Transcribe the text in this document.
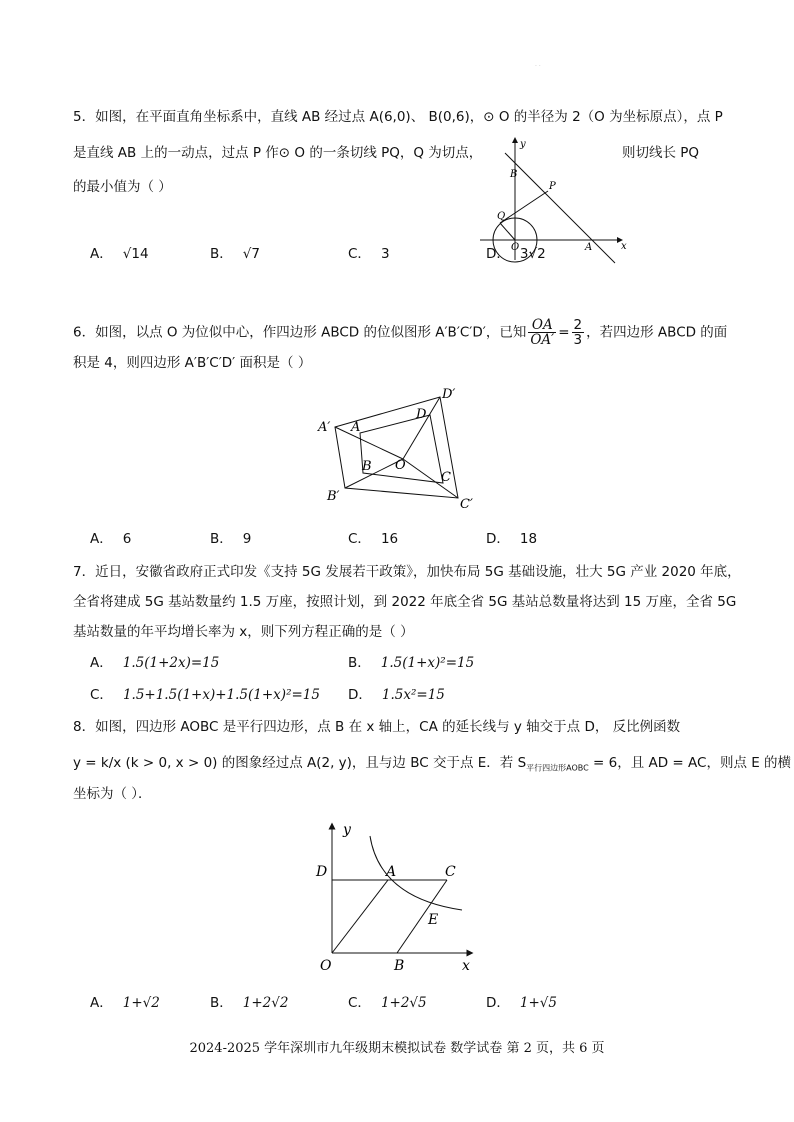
· ·
5．如图，在平面直角坐标系中，直线 AB 经过点 A(6,0)、 B(0,6)，⊙ O 的半径为 2（O 为坐标原点），点 P
是直线 AB 上的一动点，过点 P 作⊙ O 的一条切线 PQ，Q 为切点，	则切线长 PQ
的最小值为（ ）
A． √14	B． √7	C． 3	D． 3√2
y
x
B
P
Q
O	A
6．如图，以点 O 为位似中心，作四边形 ABCD 的位似图形 A′B′C′D′，已知 $\frac{OA}{OA'} = \frac{2}{3}$ ，若四边形 ABCD 的面
积是 4，则四边形 A′B′C′D′ 面积是（ ）
A′
B′
C′
D′
A
B
C
D
O
A． 6	B． 9	C． 16	D． 18
7．近日，安徽省政府正式印发《支持 5G 发展若干政策》，加快布局 5G 基础设施，壮大 5G 产业 2020 年底，
全省将建成 5G 基站数量约 1.5 万座，按照计划，到 2022 年底全省 5G 基站总数量将达到 15 万座，全省 5G
基站数量的年平均增长率为 x，则下列方程正确的是（ ）
A． 1.5(1+2x)=15	B． 1.5(1+x)²=15
C． 1.5+1.5(1+x)+1.5(1+x)²=15 D． 1.5x²=15
8．如图，四边形 AOBC 是平行四边形，点 B 在 x 轴上，CA 的延长线与 y 轴交于点 D， 反比例函数
y = k/x (k > 0, x > 0) 的图象经过点 A(2, y)，且与边 BC 交于点 E．若 $S_{平行四边形AOBC} = 6$，且 AD = AC，则点 E 的横
坐标为（ ）．
y
x
D	A	C
E
O	B
A． 1+√2	B． 1+2√2	C． 1+2√5	D． 1+√5
2024-2025 学年深圳市九年级期末模拟试卷 数学试卷 第 2 页，共 6 页
